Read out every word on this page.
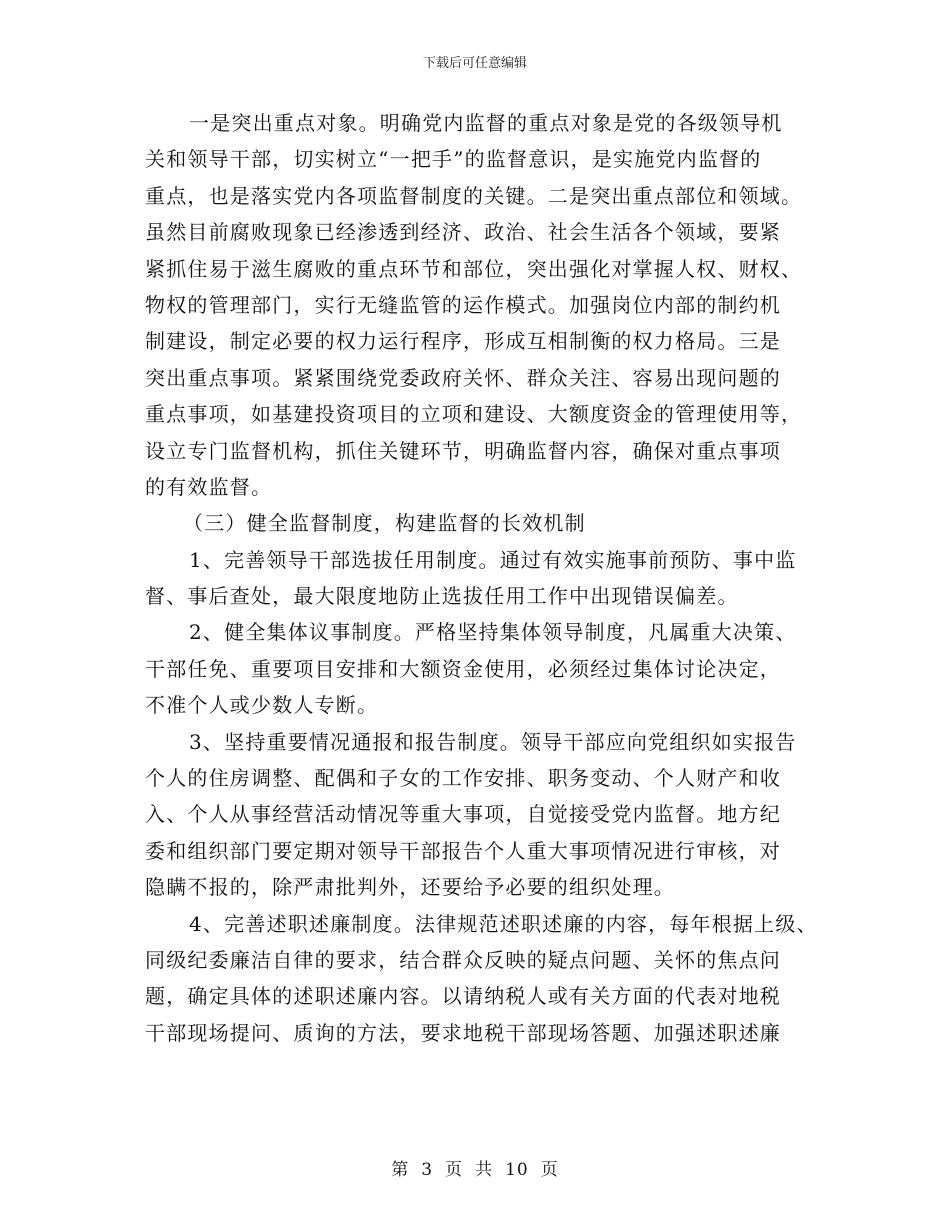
下载后可任意编辑
一是突出重点对象。明确党内监督的重点对象是党的各级领导机
关和领导干部，切实树立“一把手”的监督意识，是实施党内监督的
重点，也是落实党内各项监督制度的关键。二是突出重点部位和领域。
虽然目前腐败现象已经渗透到经济、政治、社会生活各个领域，要紧
紧抓住易于滋生腐败的重点环节和部位，突出强化对掌握人权、财权、
物权的管理部门，实行无缝监管的运作模式。加强岗位内部的制约机
制建设，制定必要的权力运行程序，形成互相制衡的权力格局。三是
突出重点事项。紧紧围绕党委政府关怀、群众关注、容易出现问题的
重点事项，如基建投资项目的立项和建设、大额度资金的管理使用等，
设立专门监督机构，抓住关键环节，明确监督内容，确保对重点事项
的有效监督。
（三）健全监督制度，构建监督的长效机制
1、完善领导干部选拔任用制度。通过有效实施事前预防、事中监
督、事后查处，最大限度地防止选拔任用工作中出现错误偏差。
2、健全集体议事制度。严格坚持集体领导制度，凡属重大决策、
干部任免、重要项目安排和大额资金使用，必须经过集体讨论决定，
不准个人或少数人专断。
3、坚持重要情况通报和报告制度。领导干部应向党组织如实报告
个人的住房调整、配偶和子女的工作安排、职务变动、个人财产和收
入、个人从事经营活动情况等重大事项，自觉接受党内监督。地方纪
委和组织部门要定期对领导干部报告个人重大事项情况进行审核，对
隐瞒不报的，除严肃批判外，还要给予必要的组织处理。
4、完善述职述廉制度。法律规范述职述廉的内容，每年根据上级、
同级纪委廉洁自律的要求，结合群众反映的疑点问题、关怀的焦点问
题，确定具体的述职述廉内容。以请纳税人或有关方面的代表对地税
干部现场提问、质询的方法，要求地税干部现场答题、加强述职述廉
第 3 页 共 10 页
